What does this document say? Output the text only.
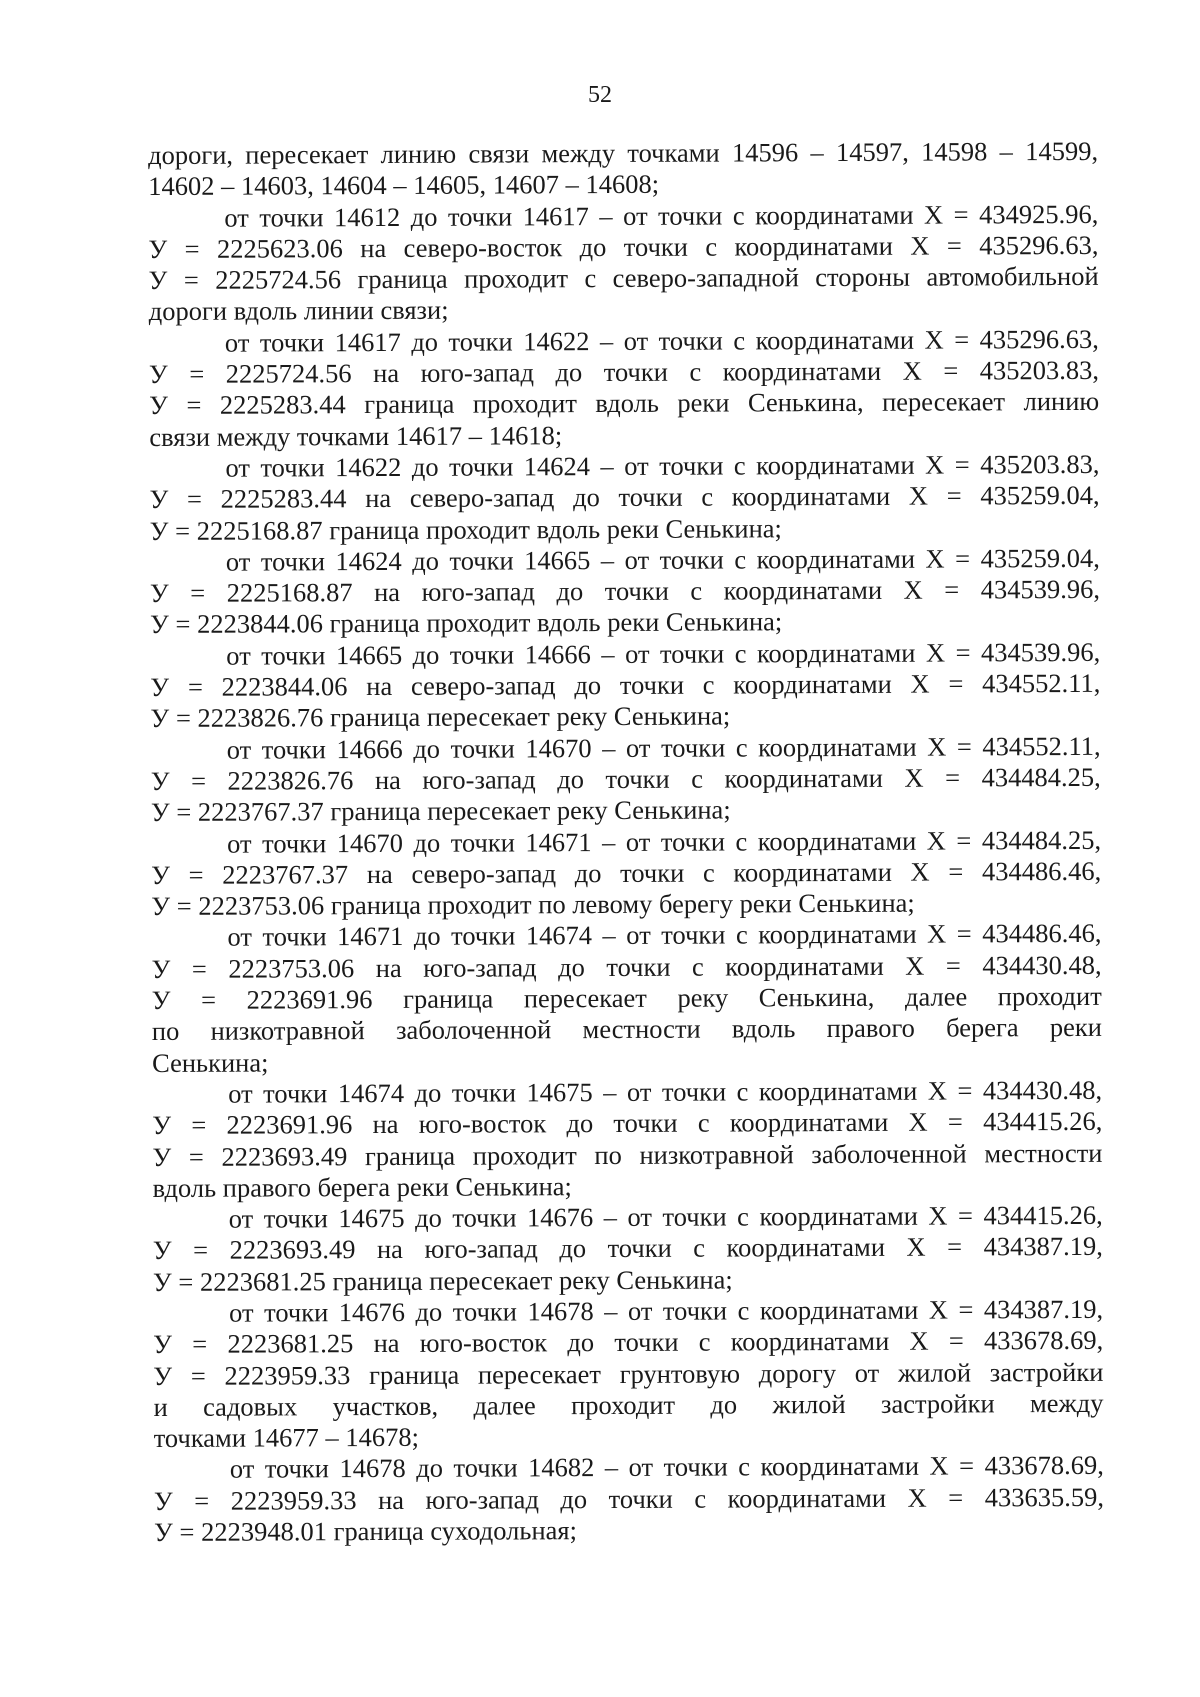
52
дороги, пересекает линию связи между точками 14596 – 14597, 14598 – 14599,
14602 – 14603, 14604 – 14605, 14607 – 14608;
от точки 14612 до точки 14617 – от точки с координатами Х = 434925.96,
У = 2225623.06 на северо-восток до точки с координатами Х = 435296.63,
У = 2225724.56 граница проходит с северо-западной стороны автомобильной
дороги вдоль линии связи;
от точки 14617 до точки 14622 – от точки с координатами Х = 435296.63,
У = 2225724.56 на юго-запад до точки с координатами Х = 435203.83,
У = 2225283.44 граница проходит вдоль реки Сенькина, пересекает линию
связи между точками 14617 – 14618;
от точки 14622 до точки 14624 – от точки с координатами Х = 435203.83,
У = 2225283.44 на северо-запад до точки с координатами Х = 435259.04,
У = 2225168.87 граница проходит вдоль реки Сенькина;
от точки 14624 до точки 14665 – от точки с координатами Х = 435259.04,
У = 2225168.87 на юго-запад до точки с координатами Х = 434539.96,
У = 2223844.06 граница проходит вдоль реки Сенькина;
от точки 14665 до точки 14666 – от точки с координатами Х = 434539.96,
У = 2223844.06 на северо-запад до точки с координатами Х = 434552.11,
У = 2223826.76 граница пересекает реку Сенькина;
от точки 14666 до точки 14670 – от точки с координатами Х = 434552.11,
У = 2223826.76 на юго-запад до точки с координатами Х = 434484.25,
У = 2223767.37 граница пересекает реку Сенькина;
от точки 14670 до точки 14671 – от точки с координатами Х = 434484.25,
У = 2223767.37 на северо-запад до точки с координатами Х = 434486.46,
У = 2223753.06 граница проходит по левому берегу реки Сенькина;
от точки 14671 до точки 14674 – от точки с координатами Х = 434486.46,
У = 2223753.06 на юго-запад до точки с координатами Х = 434430.48,
У = 2223691.96 граница пересекает реку Сенькина, далее проходит
по низкотравной заболоченной местности вдоль правого берега реки
Сенькина;
от точки 14674 до точки 14675 – от точки с координатами Х = 434430.48,
У = 2223691.96 на юго-восток до точки с координатами Х = 434415.26,
У = 2223693.49 граница проходит по низкотравной заболоченной местности
вдоль правого берега реки Сенькина;
от точки 14675 до точки 14676 – от точки с координатами Х = 434415.26,
У = 2223693.49 на юго-запад до точки с координатами Х = 434387.19,
У = 2223681.25 граница пересекает реку Сенькина;
от точки 14676 до точки 14678 – от точки с координатами Х = 434387.19,
У = 2223681.25 на юго-восток до точки с координатами Х = 433678.69,
У = 2223959.33 граница пересекает грунтовую дорогу от жилой застройки
и садовых участков, далее проходит до жилой застройки между
точками 14677 – 14678;
от точки 14678 до точки 14682 – от точки с координатами Х = 433678.69,
У = 2223959.33 на юго-запад до точки с координатами Х = 433635.59,
У = 2223948.01 граница суходольная;
